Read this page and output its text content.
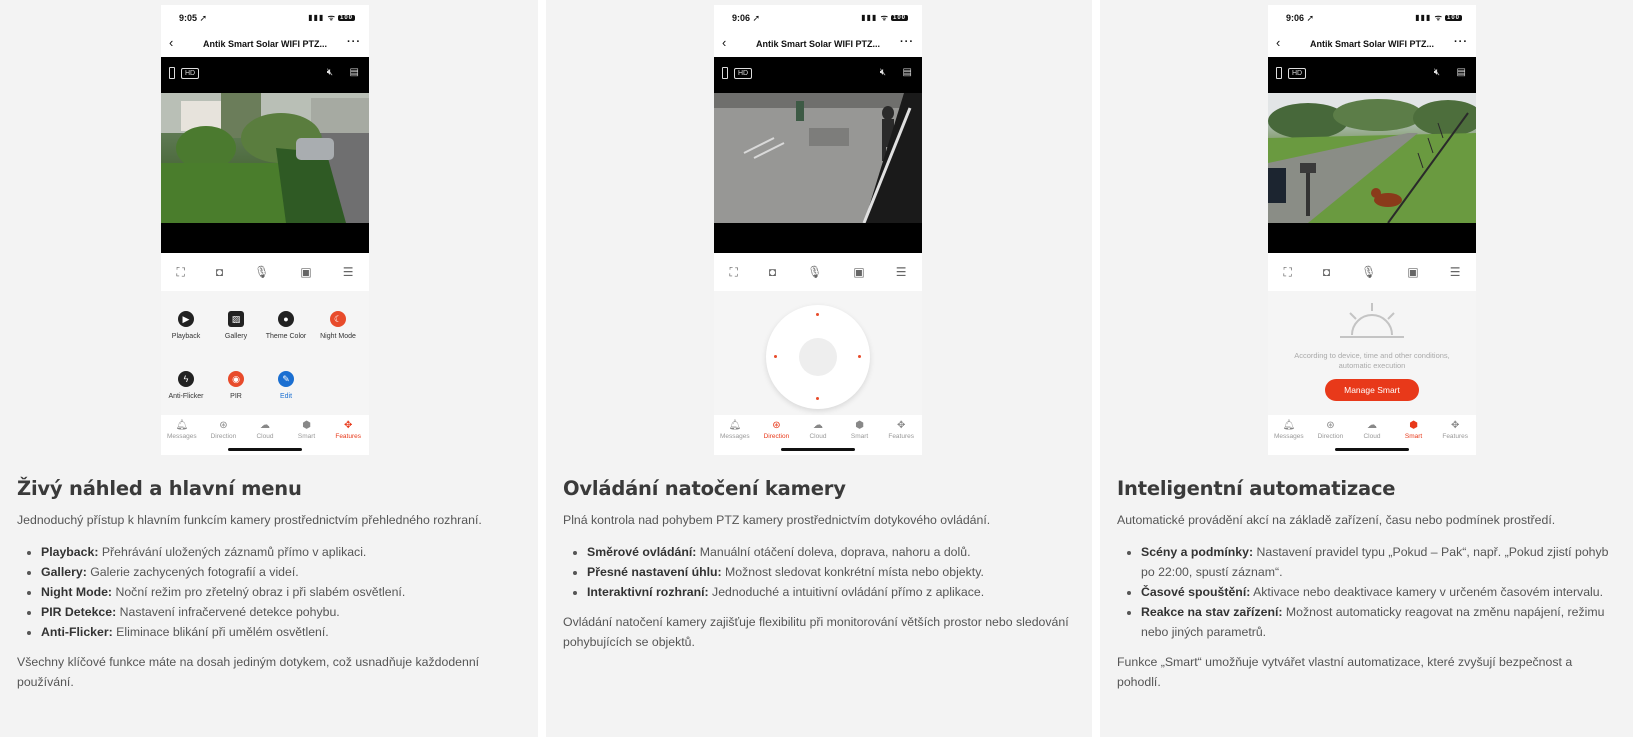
9:05 ➚	▮▮▮ ᯤ 100
‹	Antik Smart Solar WIFI PTZ...	···
HD	🔇︎ ▤
⛶	◘	🎙︎	▣	☰
▶
Playback
▨
Gallery
●
Theme Color
☾
Night Mode
ϟ
Anti-Flicker
◉
PIR
✎
Edit
🔔︎
Messages
⊛
Direction
☁
Cloud
⬢
Smart
✥
Features
Živý náhled a hlavní menu

Jednoduchý přístup k hlavním funkcím kamery prostřednictvím přehledného rozhraní.

• Playback: Přehrávání uložených záznamů přímo v aplikaci.
• Gallery: Galerie zachycených fotografií a videí.
• Night Mode: Noční režim pro zřetelný obraz i při slabém osvětlení.
• PIR Detekce: Nastavení infračervené detekce pohybu.
• Anti-Flicker: Eliminace blikání při umělém osvětlení.

Všechny klíčové funkce máte na dosah jediným dotykem, což usnadňuje každodenní používání.

9:06 ➚	▮▮▮ ᯤ 100
‹	Antik Smart Solar WIFI PTZ...	···
HD	🔇︎ ▤
⛶	◘	🎙︎	▣	☰
🔔︎
Messages
⊛
Direction
☁
Cloud
⬢
Smart
✥
Features
Ovládání natočení kamery

Plná kontrola nad pohybem PTZ kamery prostřednictvím dotykového ovládání.

• Směrové ovládání: Manuální otáčení doleva, doprava, nahoru a dolů.
• Přesné nastavení úhlu: Možnost sledovat konkrétní místa nebo objekty.
• Interaktivní rozhraní: Jednoduché a intuitivní ovládání přímo z aplikace.

Ovládání natočení kamery zajišťuje flexibilitu při monitorování větších prostor nebo sledování pohybujících se objektů.

9:06 ➚	▮▮▮ ᯤ 100
‹	Antik Smart Solar WIFI PTZ...	···
HD	🔇︎ ▤
⛶	◘	🎙︎	▣	☰
According to device, time and other conditions, automatic execution
Manage Smart
🔔︎
Messages
⊛
Direction
☁
Cloud
⬢
Smart
✥
Features
Inteligentní automatizace

Automatické provádění akcí na základě zařízení, času nebo podmínek prostředí.

• Scény a podmínky: Nastavení pravidel typu „Pokud – Pak“, např. „Pokud zjistí pohyb po 22:00, spustí záznam“.
• Časové spouštění: Aktivace nebo deaktivace kamery v určeném časovém intervalu.
• Reakce na stav zařízení: Možnost automaticky reagovat na změnu napájení, režimu nebo jiných parametrů.

Funkce „Smart“ umožňuje vytvářet vlastní automatizace, které zvyšují bezpečnost a pohodlí.
